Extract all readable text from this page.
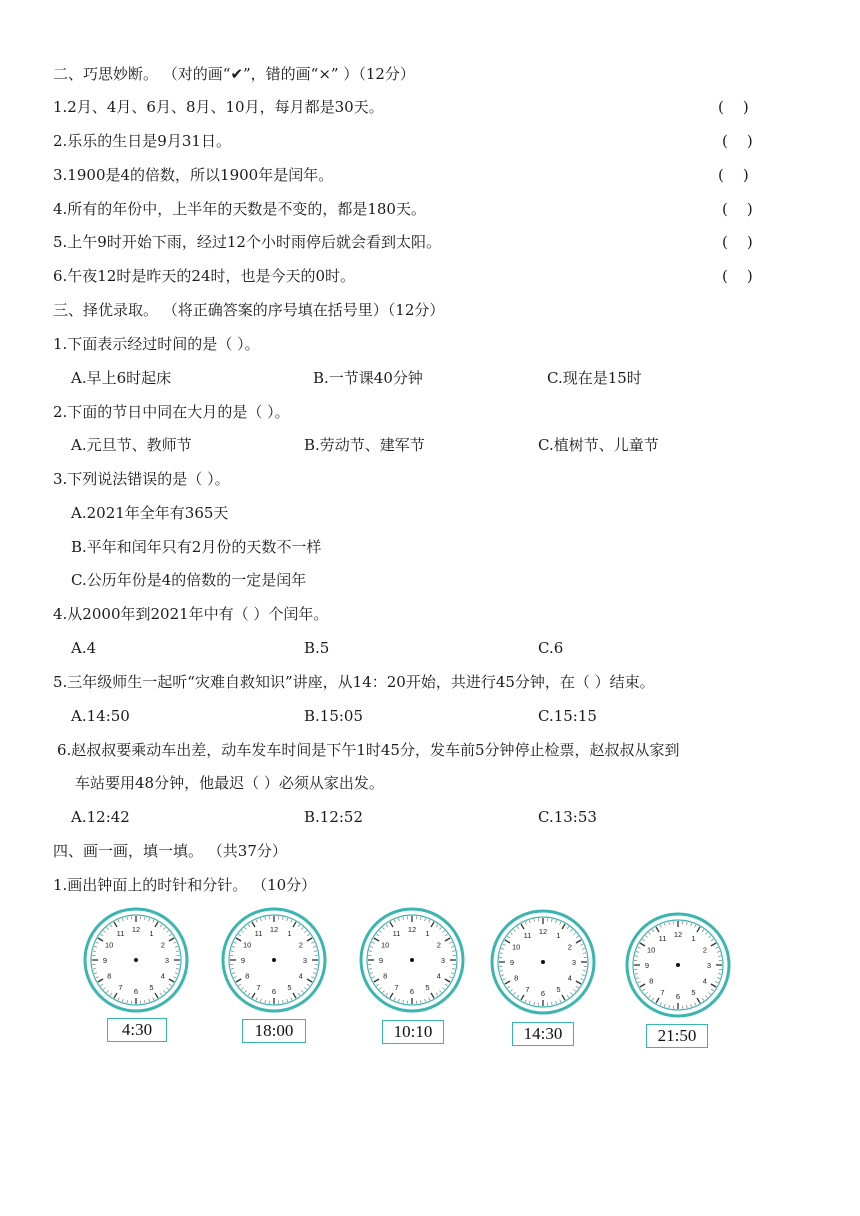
二、巧思妙断。 （对的画“✔”，错的画“×” ）（12分）
1.2月、4月、6月、8月、10月，每月都是30天。	(    )
2.乐乐的生日是9月31日。	(    )
3.1900是4的倍数，所以1900年是闰年。	(    )
4.所有的年份中，上半年的天数是不变的，都是180天。	(    )
5.上午9时开始下雨，经过12个小时雨停后就会看到太阳。	(    )
6.午夜12时是昨天的24时，也是今天的0时。	(    )
三、择优录取。 （将正确答案的序号填在括号里）（12分）
1.下面表示经过时间的是（ ）。
A.早上6时起床	B.一节课40分钟	C.现在是15时
2.下面的节日中同在大月的是（ ）。
A.元旦节、教师节	B.劳动节、建军节	C.植树节、儿童节
3.下列说法错误的是（ ）。
A.2021年全年有365天
B.平年和闰年只有2月份的天数不一样
C.公历年份是4的倍数的一定是闰年
4.从2000年到2021年中有（ ）个闰年。
A.4	B.5	C.6
5.三年级师生一起听“灾难自救知识”讲座，从14：20开始，共进行45分钟，在（ ）结束。
A.14:50	B.15:05	C.15:15
6.赵叔叔要乘动车出差，动车发车时间是下午1时45分，发车前5分钟停止检票，赵叔叔从家到
车站要用48分钟，他最迟（ ）必须从家出发。
A.12:42	B.12:52	C.13:53
四、画一画，填一填。 （共37分）
1.画出钟面上的时针和分针。 （10分）
12 1
2
3
4
5
6
7
8
9
10
11
4:30
12 1
2
3
4
5
6
7
8
9
10
11
18:00
12 1
2
3
4
5
6
7
8
9
10
11
10:10
12 1
2
3
4
5
6
7
8
9
10
11
14:30
12 1
2
3
4
5
6
7
8
9
10
11
21:50
